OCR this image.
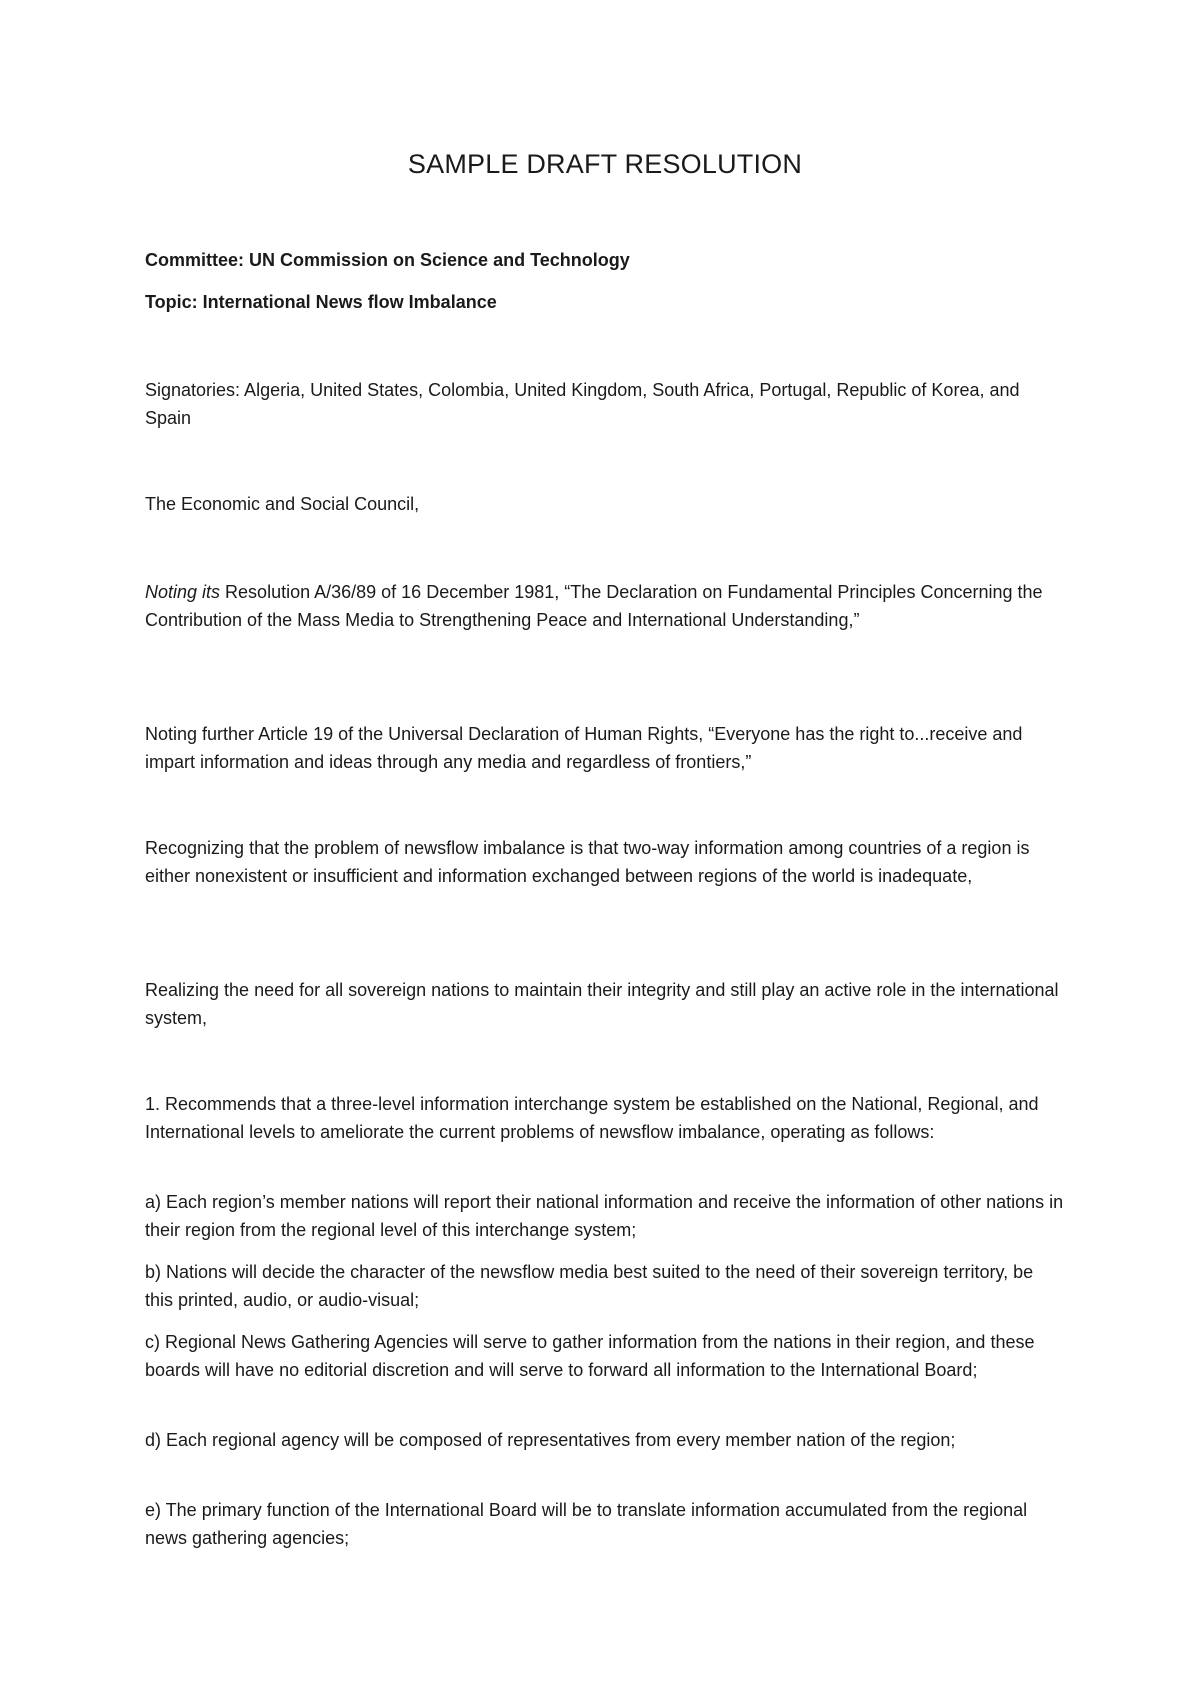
SAMPLE DRAFT RESOLUTION
Committee: UN Commission on Science and Technology
Topic: International News flow Imbalance

Signatories: Algeria, United States, Colombia, United Kingdom, South Africa, Portugal, Republic of Korea, and Spain

The Economic and Social Council,

Noting its Resolution A/36/89 of 16 December 1981, “The Declaration on Fundamental Principles Concerning the Contribution of the Mass Media to Strengthening Peace and International Understanding,”

Noting further Article 19 of the Universal Declaration of Human Rights, “Everyone has the right to...receive and impart information and ideas through any media and regardless of frontiers,”

Recognizing that the problem of newsflow imbalance is that two-way information among countries of a region is either nonexistent or insufficient and information exchanged between regions of the world is inadequate,

Realizing the need for all sovereign nations to maintain their integrity and still play an active role in the international system,

1. Recommends that a three-level information interchange system be established on the National, Regional, and International levels to ameliorate the current problems of newsflow imbalance, operating as follows:

a) Each region’s member nations will report their national information and receive the information of other nations in their region from the regional level of this interchange system;

b) Nations will decide the character of the newsflow media best suited to the need of their sovereign territory, be this printed, audio, or audio-visual;

c) Regional News Gathering Agencies will serve to gather information from the nations in their region, and these boards will have no editorial discretion and will serve to forward all information to the International Board;

d) Each regional agency will be composed of representatives from every member nation of the region;

e) The primary function of the International Board will be to translate information accumulated from the regional news gathering agencies;
